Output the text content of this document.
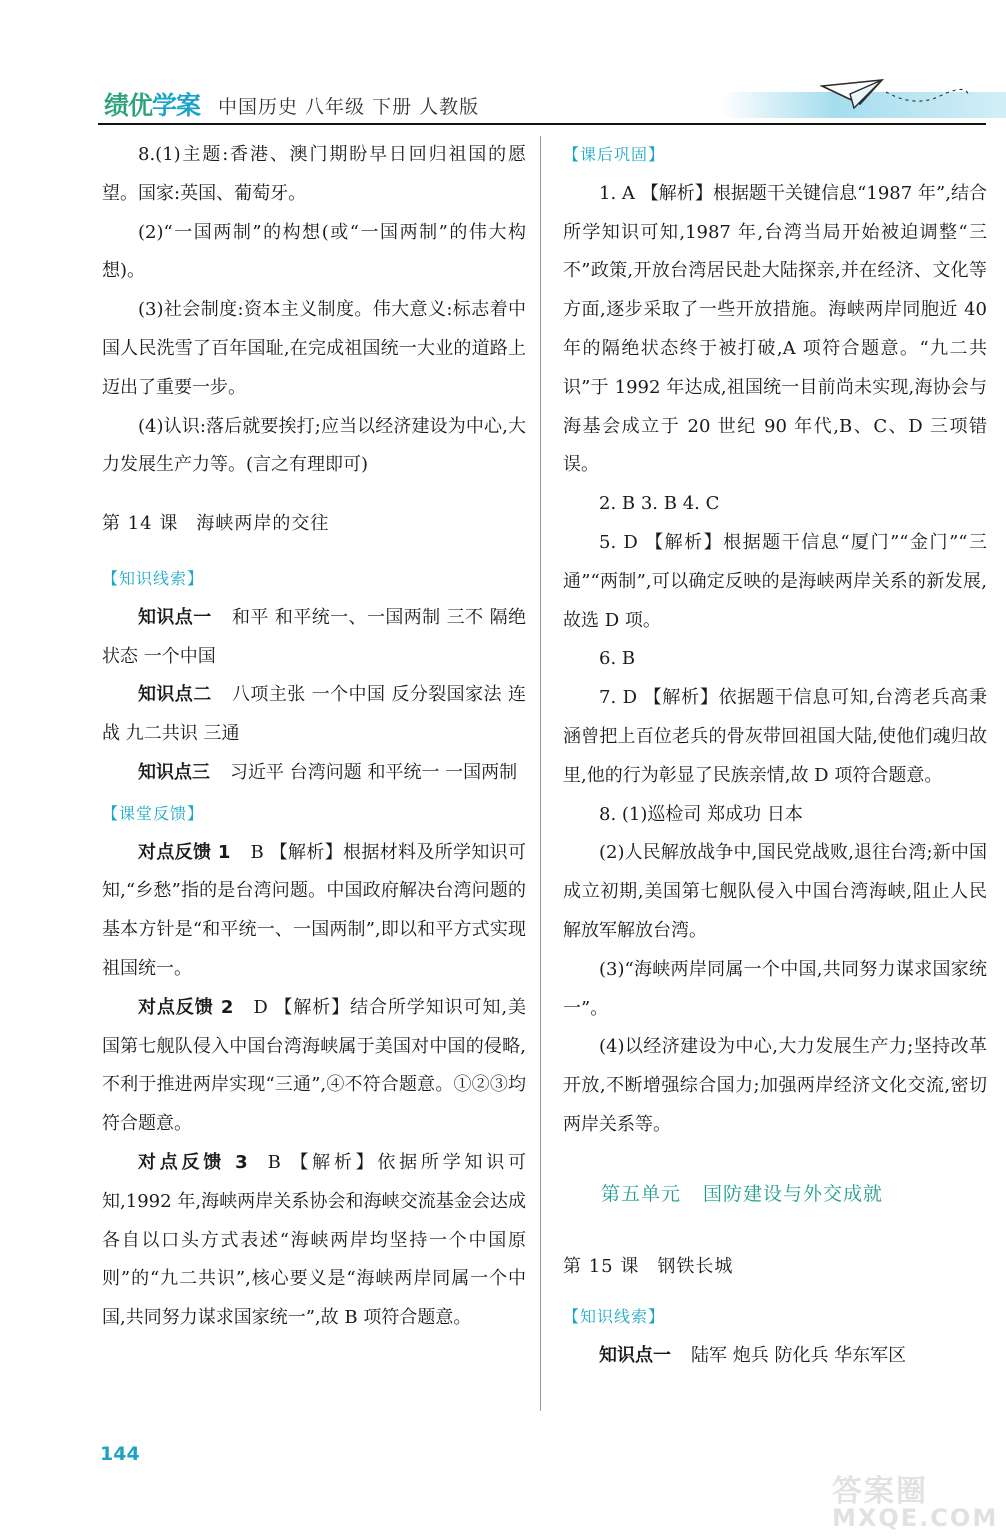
绩优学案 中国历史 八年级 下册 人教版

8.(1)主题:香港、澳门期盼早日回归祖国的愿望。国家:英国、葡萄牙。

(2)“一国两制”的构想(或“一国两制”的伟大构想)。

(3)社会制度:资本主义制度。伟大意义:标志着中国人民洗雪了百年国耻,在完成祖国统一大业的道路上迈出了重要一步。

(4)认识:落后就要挨打;应当以经济建设为中心,大力发展生产力等。(言之有理即可)

第 14 课 海峡两岸的交往

【知识线索】

知识点一 和平 和平统一、一国两制 三不 隔绝状态 一个中国

知识点二 八项主张 一个中国 反分裂国家法 连战 九二共识 三通

知识点三 习近平 台湾问题 和平统一 一国两制

【课堂反馈】

对点反馈 1 B 【解析】根据材料及所学知识可知,“乡愁”指的是台湾问题。中国政府解决台湾问题的基本方针是“和平统一、一国两制”,即以和平方式实现祖国统一。

对点反馈 2 D 【解析】结合所学知识可知,美国第七舰队侵入中国台湾海峡属于美国对中国的侵略,不利于推进两岸实现“三通”,④不符合题意。①②③均符合题意。

对点反馈 3 B 【解析】依据所学知识可知,1992 年,海峡两岸关系协会和海峡交流基金会达成各自以口头方式表述“海峡两岸均坚持一个中国原则”的“九二共识”,核心要义是“海峡两岸同属一个中国,共同努力谋求国家统一”,故 B 项符合题意。

【课后巩固】

1. A 【解析】根据题干关键信息“1987 年”,结合所学知识可知,1987 年,台湾当局开始被迫调整“三不”政策,开放台湾居民赴大陆探亲,并在经济、文化等方面,逐步采取了一些开放措施。海峡两岸同胞近 40 年的隔绝状态终于被打破,A 项符合题意。“九二共识”于 1992 年达成,祖国统一目前尚未实现,海协会与海基会成立于 20 世纪 90 年代,B、C、D 三项错误。

2. B 3. B 4. C

5. D 【解析】根据题干信息“厦门”“金门”“三通”“两制”,可以确定反映的是海峡两岸关系的新发展,故选 D 项。

6. B

7. D 【解析】依据题干信息可知,台湾老兵高秉涵曾把上百位老兵的骨灰带回祖国大陆,使他们魂归故里,他的行为彰显了民族亲情,故 D 项符合题意。

8. (1)巡检司 郑成功 日本

(2)人民解放战争中,国民党战败,退往台湾;新中国成立初期,美国第七舰队侵入中国台湾海峡,阻止人民解放军解放台湾。

(3)“海峡两岸同属一个中国,共同努力谋求国家统一”。

(4)以经济建设为中心,大力发展生产力;坚持改革开放,不断增强综合国力;加强两岸经济文化交流,密切两岸关系等。

第五单元 国防建设与外交成就

第 15 课 钢铁长城

【知识线索】

知识点一 陆军 炮兵 防化兵 华东军区

144
答案圈
MXQE.COM
